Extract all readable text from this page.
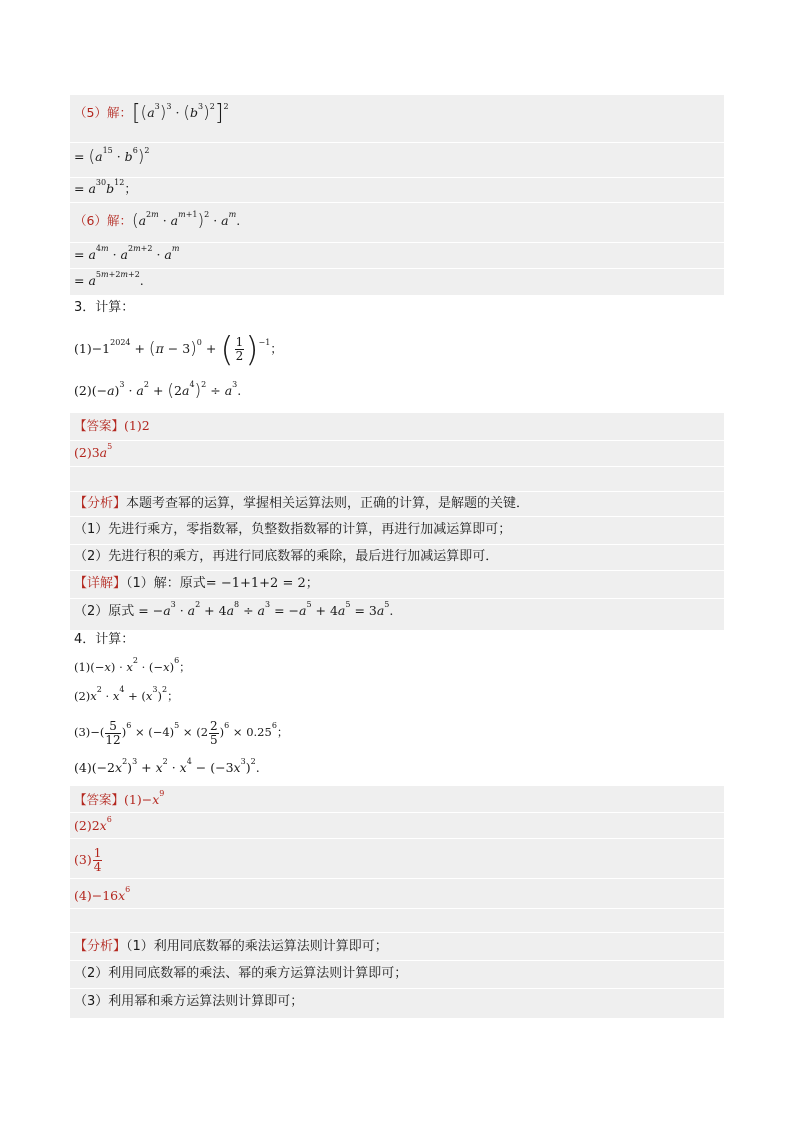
（5）解：$[(a^3)^3 \cdot (b^3)^2]^2$
= $(a^{15} \cdot b^6)^2$
= $a^{30}b^{12}$；
（6）解：$(a^{2m} \cdot a^{m+1})^2 \cdot a^m$.
= $a^{4m} \cdot a^{2m+2} \cdot a^m$
= $a^{5m+2m+2}$.
3．计算：
$(1)-1^{2024} + (\pi - 3)^0$ + ( $\frac{1}{2} )^{-1}$；
$(2)(-a)^3 \cdot a^2 + (2a^4)^2 \div a^3$.
【答案】(1)2
$(2)3a^5$
【分析】本题考查幂的运算，掌握相关运算法则，正确的计算，是解题的关键．
（1）先进行乘方，零指数幂，负整数指数幂的计算，再进行加减运算即可；
（2）先进行积的乘方，再进行同底数幂的乘除，最后进行加减运算即可．
【详解】（1）解：原式= −1+1+2 = 2；
（2）原式 = $-a^3 \cdot a^2 + 4a^8 \div a^3 = -a^5 + 4a^5 = 3a^5$.
4．计算：
$(1)(-x) \cdot x^2 \cdot (-x)^6$；
$(2)x^2 \cdot x^4 + (x^3)^2$；
$(3)-( \frac{5}{12} )^6 \times (-4)^5 \times (2 \frac{2}{5} )^6 \times 0.25^6$；
$(4)(-2x^2)^3 + x^2 \cdot x^4 - (-3x^3)^2$.
【答案】$(1)-x^9$
$(2)2x^6$
$(3) \frac{1}{4}$
$(4)-16x^6$
【分析】（1）利用同底数幂的乘法运算法则计算即可；
（2）利用同底数幂的乘法、幂的乘方运算法则计算即可；
（3）利用幂和乘方运算法则计算即可；
